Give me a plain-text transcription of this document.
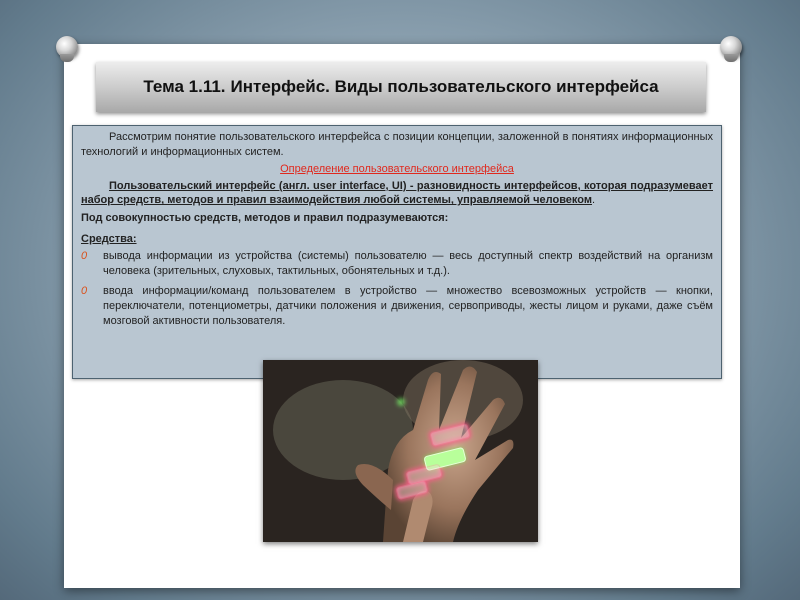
Тема 1.11. Интерфейс. Виды пользовательского интерфейса

Рассмотрим понятие пользовательского интерфейса с позиции концепции, заложенной в понятиях информационных технологий и информационных систем.

Определение пользовательского интерфейса

Пользовательский интерфейс (англ. user interface, UI) - разновидность интерфейсов, которая подразумевает набор средств, методов и правил взаимодействия любой системы, управляемой человеком.

Под совокупностью средств, методов и правил подразумеваются:

Средства:

0 вывода информации из устройства (системы) пользователю — весь доступный спектр воздействий на организм человека (зрительных, слуховых, тактильных, обонятельных и т.д.).
0 ввода информации/команд пользователем в устройство — множество всевозможных устройств — кнопки, переключатели, потенциометры, датчики положения и движения, сервоприводы, жесты лицом и руками, даже съём мозговой активности пользователя.
